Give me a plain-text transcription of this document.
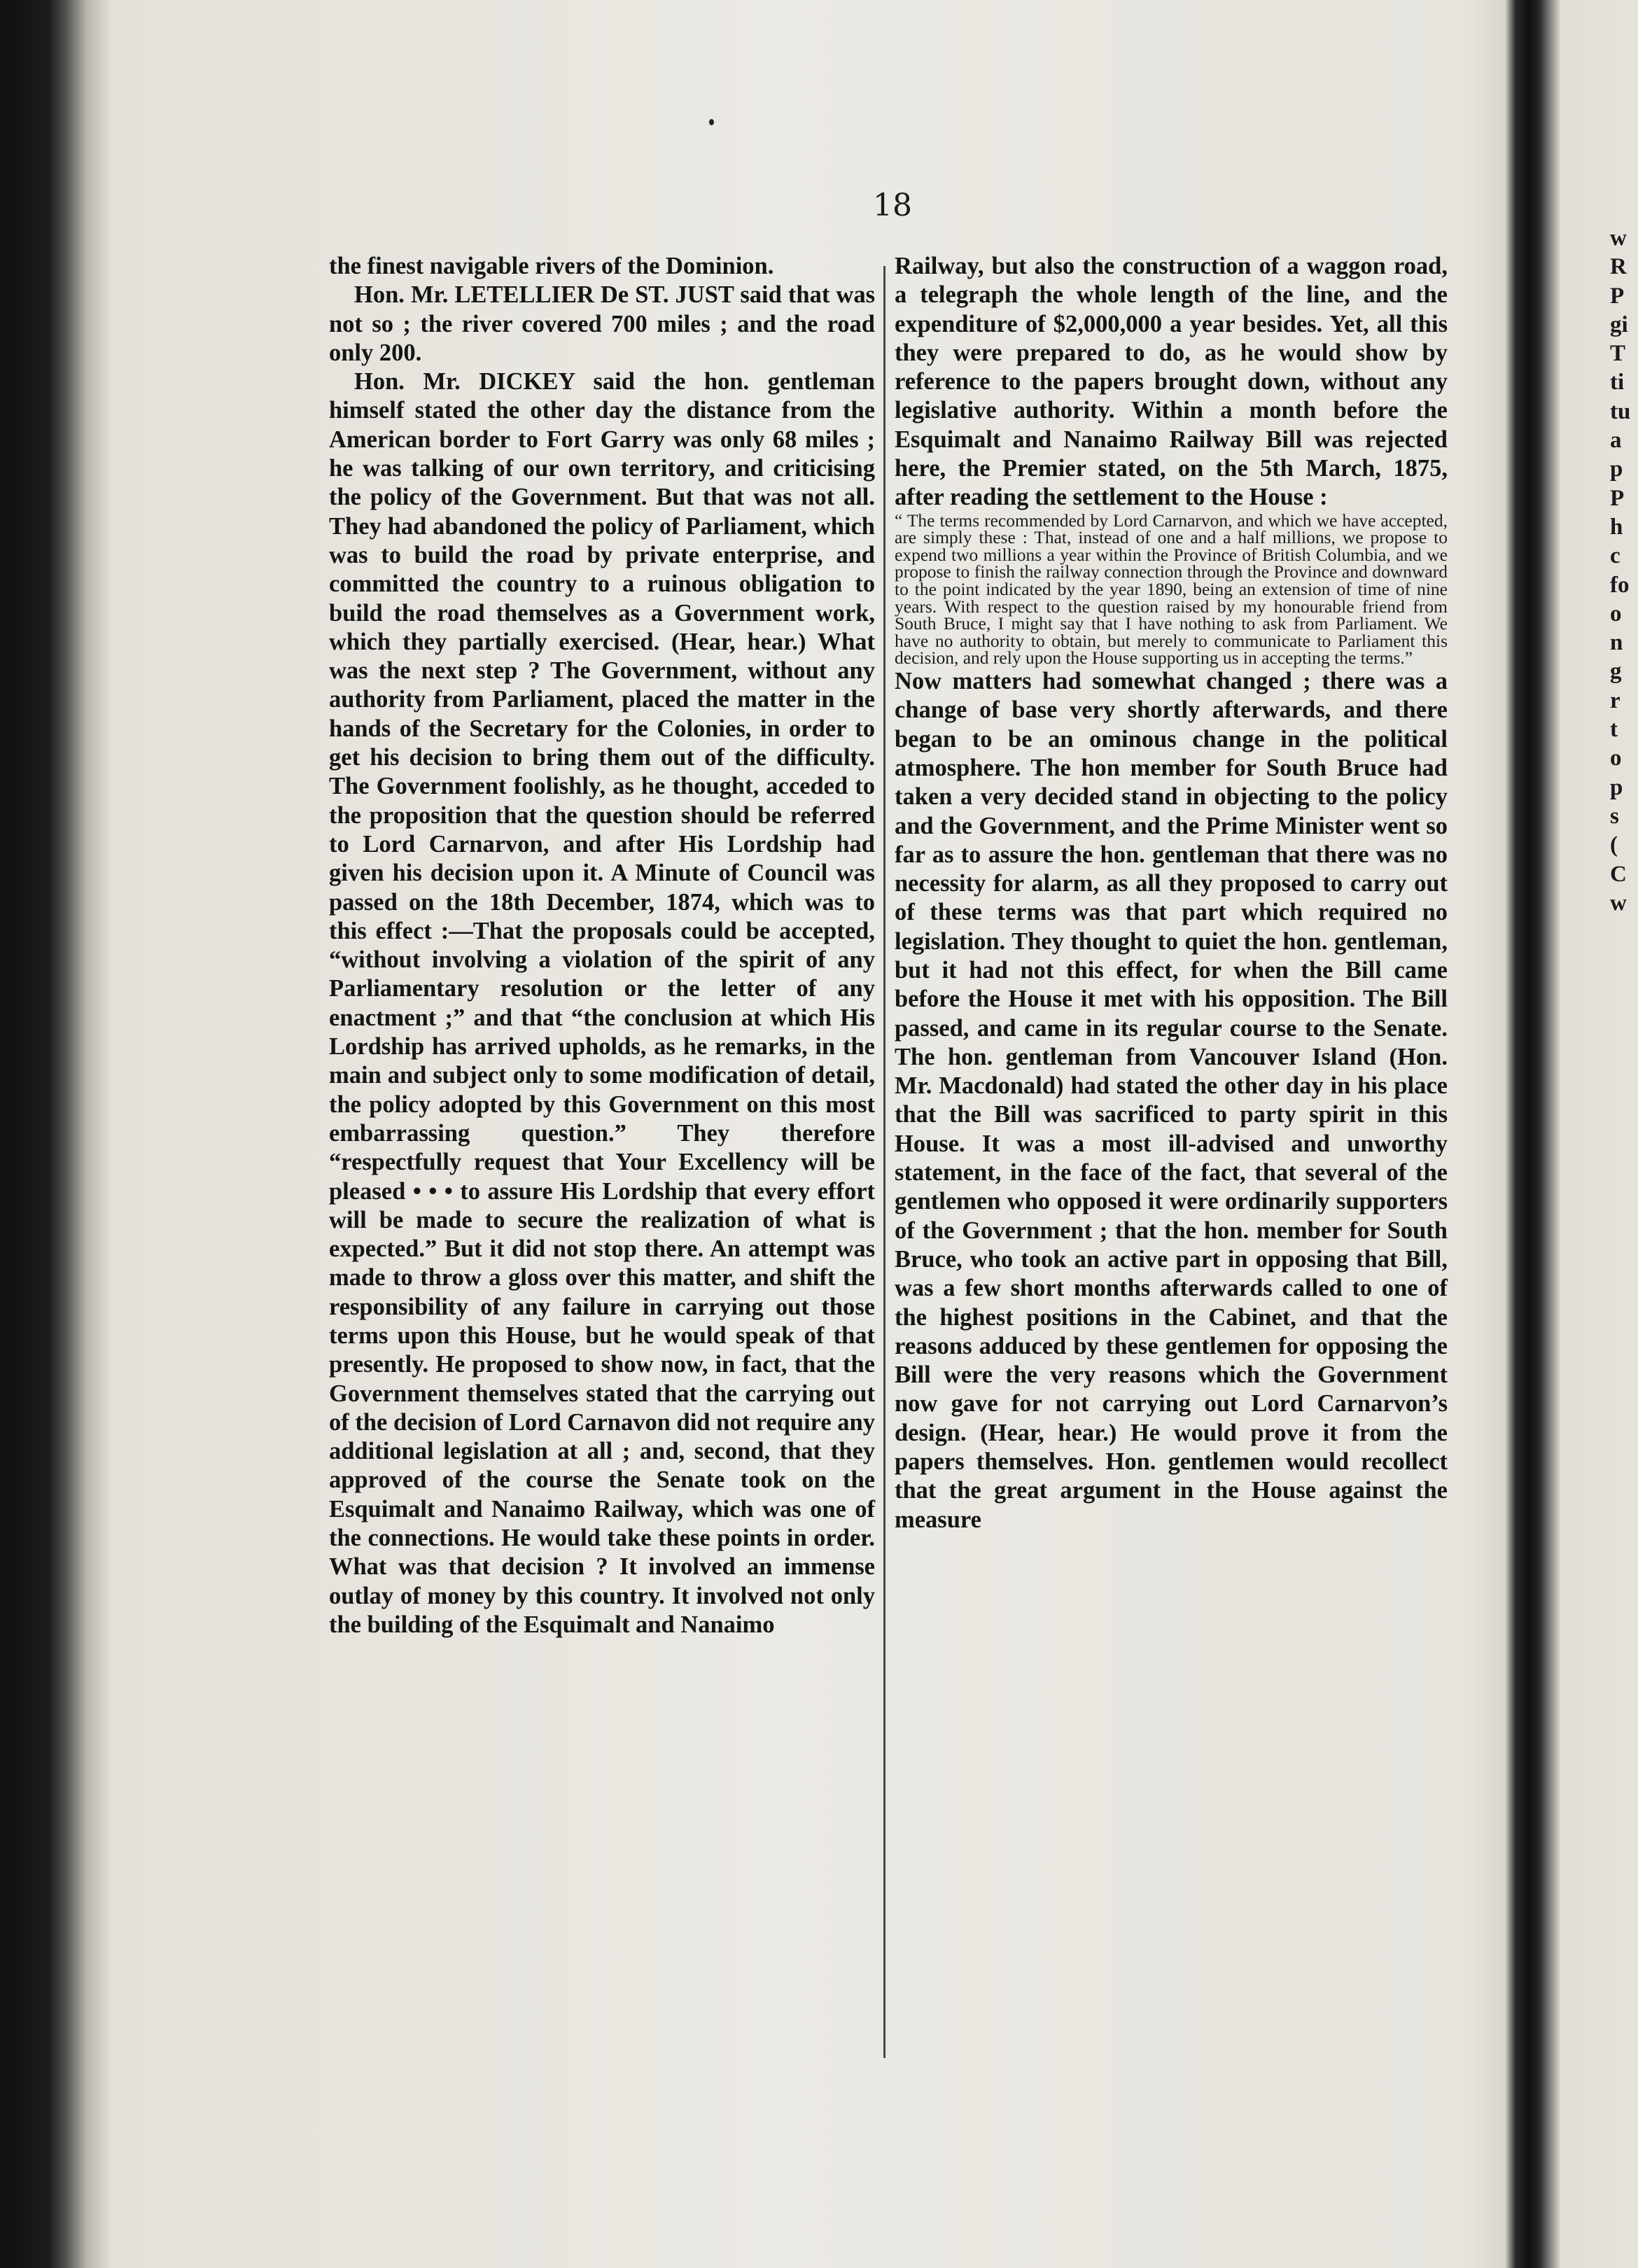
18

the finest navigable rivers of the Dominion.

Hon. Mr. LETELLIER De ST. JUST said that was not so ; the river covered 700 miles ; and the road only 200.

Hon. Mr. DICKEY said the hon. gentleman himself stated the other day the distance from the American border to Fort Garry was only 68 miles ; he was talking of our own territory, and criticising the policy of the Government. But that was not all. They had abandoned the policy of Parliament, which was to build the road by private enterprise, and committed the country to a ruinous obligation to build the road themselves as a Government work, which they partially exercised. (Hear, hear.) What was the next step ? The Government, without any authority from Parliament, placed the matter in the hands of the Secretary for the Colonies, in order to get his decision to bring them out of the difficulty. The Government foolishly, as he thought, acceded to the proposition that the question should be referred to Lord Carnarvon, and after His Lordship had given his decision upon it. A Minute of Council was passed on the 18th December, 1874, which was to this effect :—That the proposals could be accepted, “without involving a violation of the spirit of any Parliamentary resolution or the letter of any enactment ;” and that “the conclusion at which His Lordship has arrived upholds, as he remarks, in the main and subject only to some modification of detail, the policy adopted by this Government on this most embarrassing question.” They therefore “respectfully request that Your Excellency will be pleased • • • to assure His Lordship that every effort will be made to secure the realization of what is expected.” But it did not stop there. An attempt was made to throw a gloss over this matter, and shift the responsibility of any failure in carrying out those terms upon this House, but he would speak of that presently. He proposed to show now, in fact, that the Government themselves stated that the carrying out of the decision of Lord Carnavon did not require any additional legislation at all ; and, second, that they approved of the course the Senate took on the Esquimalt and Nanaimo Railway, which was one of the connections. He would take these points in order. What was that decision ? It involved an immense outlay of money by this country. It involved not only the building of the Esquimalt and Nanaimo

Railway, but also the construction of a waggon road, a telegraph the whole length of the line, and the expenditure of $2,000,000 a year besides. Yet, all this they were prepared to do, as he would show by reference to the papers brought down, without any legislative authority. Within a month before the Esquimalt and Nanaimo Railway Bill was rejected here, the Premier stated, on the 5th March, 1875, after reading the settlement to the House :

“ The terms recommended by Lord Carnarvon, and which we have accepted, are simply these : That, instead of one and a half millions, we propose to expend two millions a year within the Province of British Columbia, and we propose to finish the railway connection through the Province and downward to the point indicated by the year 1890, being an extension of time of nine years. With respect to the question raised by my honourable friend from South Bruce, I might say that I have nothing to ask from Parliament. We have no authority to obtain, but merely to communicate to Parliament this decision, and rely upon the House supporting us in accepting the terms.”

Now matters had somewhat changed ; there was a change of base very shortly afterwards, and there began to be an ominous change in the political atmosphere. The hon member for South Bruce had taken a very decided stand in objecting to the policy and the Government, and the Prime Minister went so far as to assure the hon. gentleman that there was no necessity for alarm, as all they proposed to carry out of these terms was that part which required no legislation. They thought to quiet the hon. gentleman, but it had not this effect, for when the Bill came before the House it met with his opposition. The Bill passed, and came in its regular course to the Senate. The hon. gentleman from Vancouver Island (Hon. Mr. Macdonald) had stated the other day in his place that the Bill was sacrificed to party spirit in this House. It was a most ill-advised and unworthy statement, in the face of the fact, that several of the gentlemen who opposed it were ordinarily supporters of the Government ; that the hon. member for South Bruce, who took an active part in opposing that Bill, was a few short months afterwards called to one of the highest positions in the Cabinet, and that the reasons adduced by these gentlemen for opposing the Bill were the very reasons which the Government now gave for not carrying out Lord Carnarvon’s design. (Hear, hear.) He would prove it from the papers themselves. Hon. gentlemen would recollect that the great argument in the House against the measure

w
R
P
gi
T
ti
tu
a
p
P
h
c
fo
o
n
g
r
t
o
p
s
(
C
w
